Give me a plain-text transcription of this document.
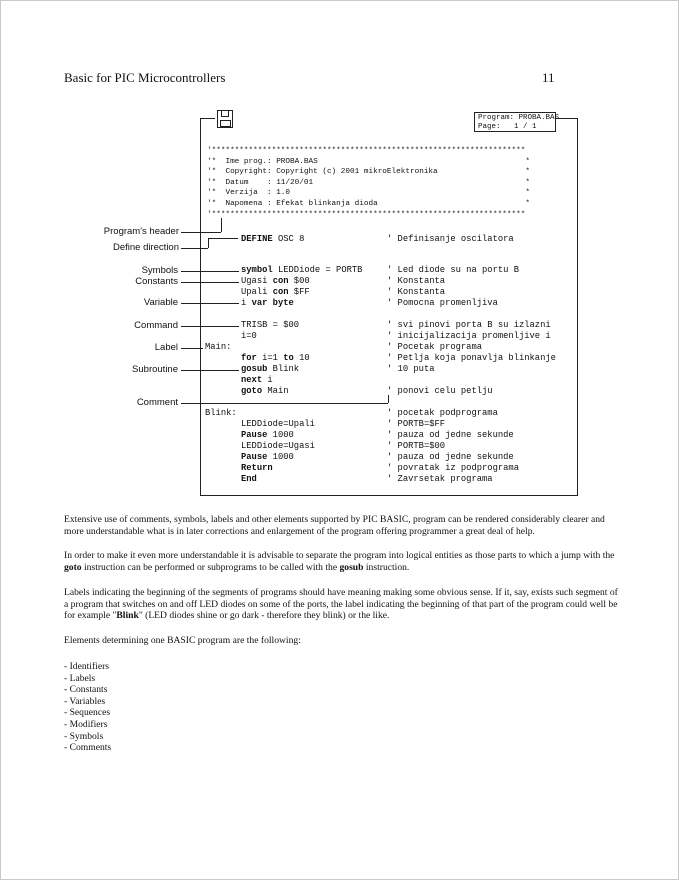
Basic for PIC Microcontrollers	11
Program: PROBA.BAS
Page:   1 / 1
'********************************************************************
'*  Ime prog.: PROBA.BAS                                             *
'*  Copyright: Copyright (c) 2001 mikroElektronika                   *
'*  Datum    : 11/20/01                                              *
'*  Verzija  : 1.0                                                   *
'*  Napomena : Efekat blinkanja dioda                                *
'********************************************************************
DEFINE OSC 8	' Definisanje oscilatora
symbol LEDDiode = PORTB	' Led diode su na portu B
Ugasi con $00	' Konstanta
Upali con $FF	' Konstanta
i var byte	' Pomocna promenljiva
TRISB = $00	' svi pinovi porta B su izlazni
i=0	' inicijalizacija promenljive i
Main:	' Pocetak programa
for i=1 to 10	' Petlja koja ponavlja blinkanje
gosub Blink	' 10 puta
next i
goto Main	' ponovi celu petlju
Blink:	' pocetak podprograma
LEDDiode=Upali	' PORTB=$FF
Pause 1000	' pauza od jedne sekunde
LEDDiode=Ugasi	' PORTB=$00
Pause 1000	' pauza od jedne sekunde
Return	' povratak iz podprograma
End	' Zavrsetak programa
Program's header
Define direction
Symbols
Constants
Variable
Command
Label
Subroutine
Comment
Extensive use of comments, symbols, labels and other elements supported by PIC BASIC, program can be rendered considerably clearer and more understandable what is in later corrections and enlargement of the program offering programmer a great deal of help.
In order to make it even more understandable it is advisable to separate the program into logical entities as those parts to which a jump with the goto instruction can be performed or subprograms to be called with the gosub instruction.
Labels indicating the beginning of the segments of programs should have meaning making some obvious sense. If it, say, exists such segment of a program that switches on and off LED diodes on some of the ports, the label indicating the beginning of that part of the program could well be for example "Blink" (LED diodes shine or go dark - therefore they blink) or the like.
Elements determining one BASIC program are the following:
- Identifiers
- Labels
- Constants
- Variables
- Sequences
- Modifiers
- Symbols
- Comments
